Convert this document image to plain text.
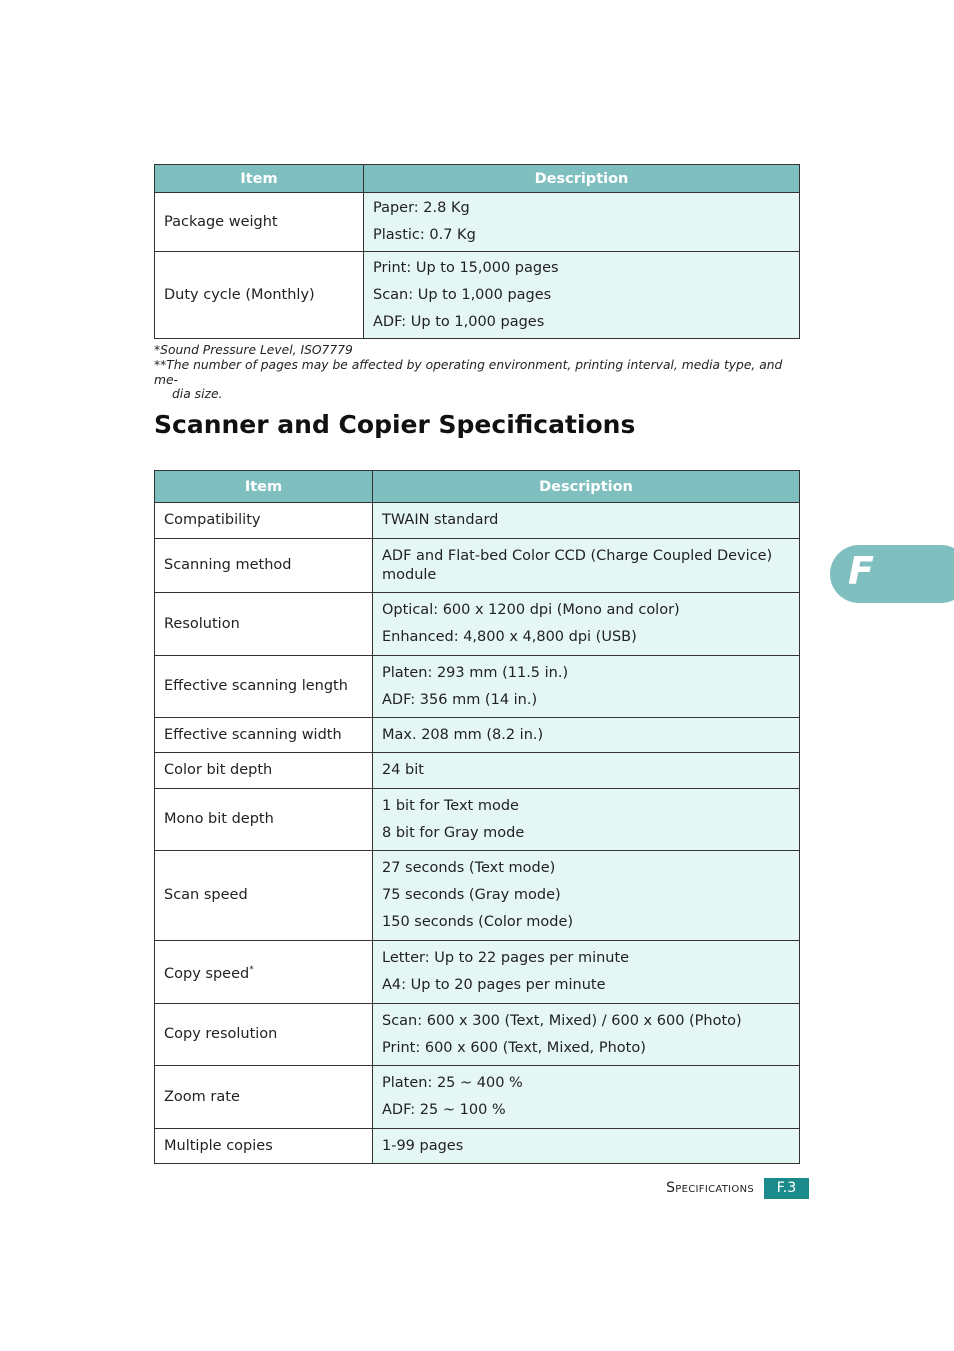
Item	Description
Package weight	Paper: 2.8 Kg
Plastic: 0.7 Kg

Duty cycle (Monthly)	Print: Up to 15,000 pages
Scan: Up to 1,000 pages
ADF: Up to 1,000 pages
*Sound Pressure Level, ISO7779
**The number of pages may be affected by operating environment, printing interval, media type, and me-
dia size.
Scanner and Copier Specifications
Item	Description
Compatibility	TWAIN standard

Scanning method	ADF and Flat-bed Color CCD (Charge Coupled Device) module

Resolution	Optical: 600 x 1200 dpi (Mono and color)
Enhanced: 4,800 x 4,800 dpi (USB)

Effective scanning length	Platen: 293 mm (11.5 in.)
ADF: 356 mm (14 in.)

Effective scanning width	Max. 208 mm (8.2 in.)

Color bit depth	24 bit

Mono bit depth	1 bit for Text mode
8 bit for Gray mode

Scan speed	27 seconds (Text mode)
75 seconds (Gray mode)
150 seconds (Color mode)

Copy speed*	Letter: Up to 22 pages per minute
A4: Up to 20 pages per minute

Copy resolution	Scan: 600 x 300 (Text, Mixed) / 600 x 600 (Photo)
Print: 600 x 600 (Text, Mixed, Photo)

Zoom rate	Platen: 25 ~ 400 %
ADF: 25 ~ 100 %

Multiple copies	1-99 pages
F
Specifications	F.3
